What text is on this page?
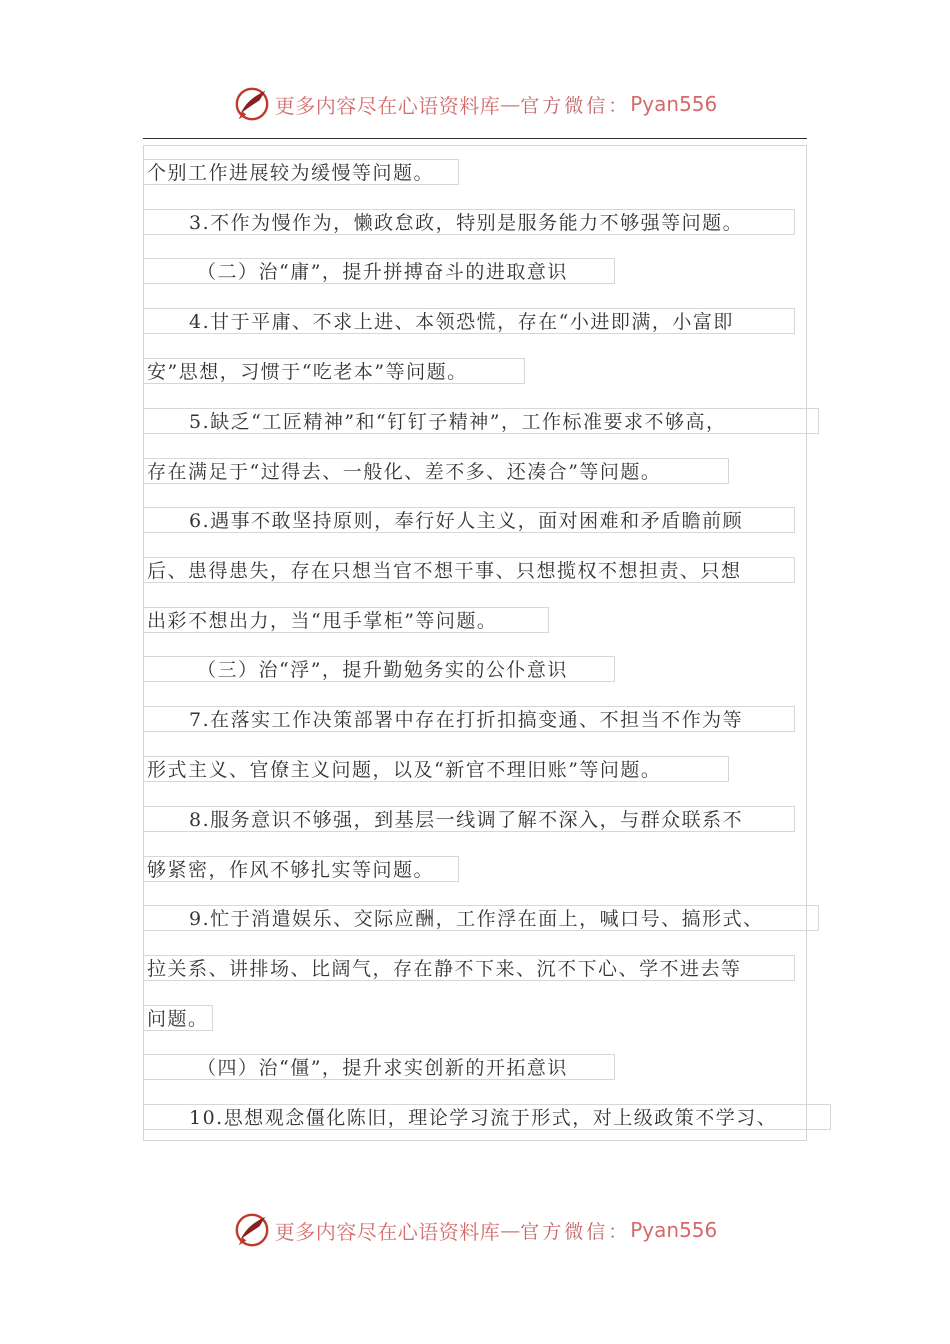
更多内容尽在心语资料库 — 官方微信： Pyan556
个别工作进展较为缓慢等问题。
3.不作为慢作为，懒政怠政，特别是服务能力不够强等问题。
（二）治“庸”，提升拼搏奋斗的进取意识
4.甘于平庸、不求上进、本领恐慌，存在“小进即满，小富即
安”思想，习惯于“吃老本”等问题。
5.缺乏“工匠精神”和“钉钉子精神”，工作标准要求不够高，
存在满足于“过得去、一般化、差不多、还凑合”等问题。
6.遇事不敢坚持原则，奉行好人主义，面对困难和矛盾瞻前顾
后、患得患失，存在只想当官不想干事、只想揽权不想担责、只想
出彩不想出力，当“甩手掌柜”等问题。
（三）治“浮”，提升勤勉务实的公仆意识
7.在落实工作决策部署中存在打折扣搞变通、不担当不作为等
形式主义、官僚主义问题，以及“新官不理旧账”等问题。
8.服务意识不够强，到基层一线调了解不深入，与群众联系不
够紧密，作风不够扎实等问题。
9.忙于消遣娱乐、交际应酬，工作浮在面上，喊口号、搞形式、
拉关系、讲排场、比阔气，存在静不下来、沉不下心、学不进去等
问题。
（四）治“僵”，提升求实创新的开拓意识
10.思想观念僵化陈旧，理论学习流于形式，对上级政策不学习、
更多内容尽在心语资料库 — 官方微信： Pyan556
